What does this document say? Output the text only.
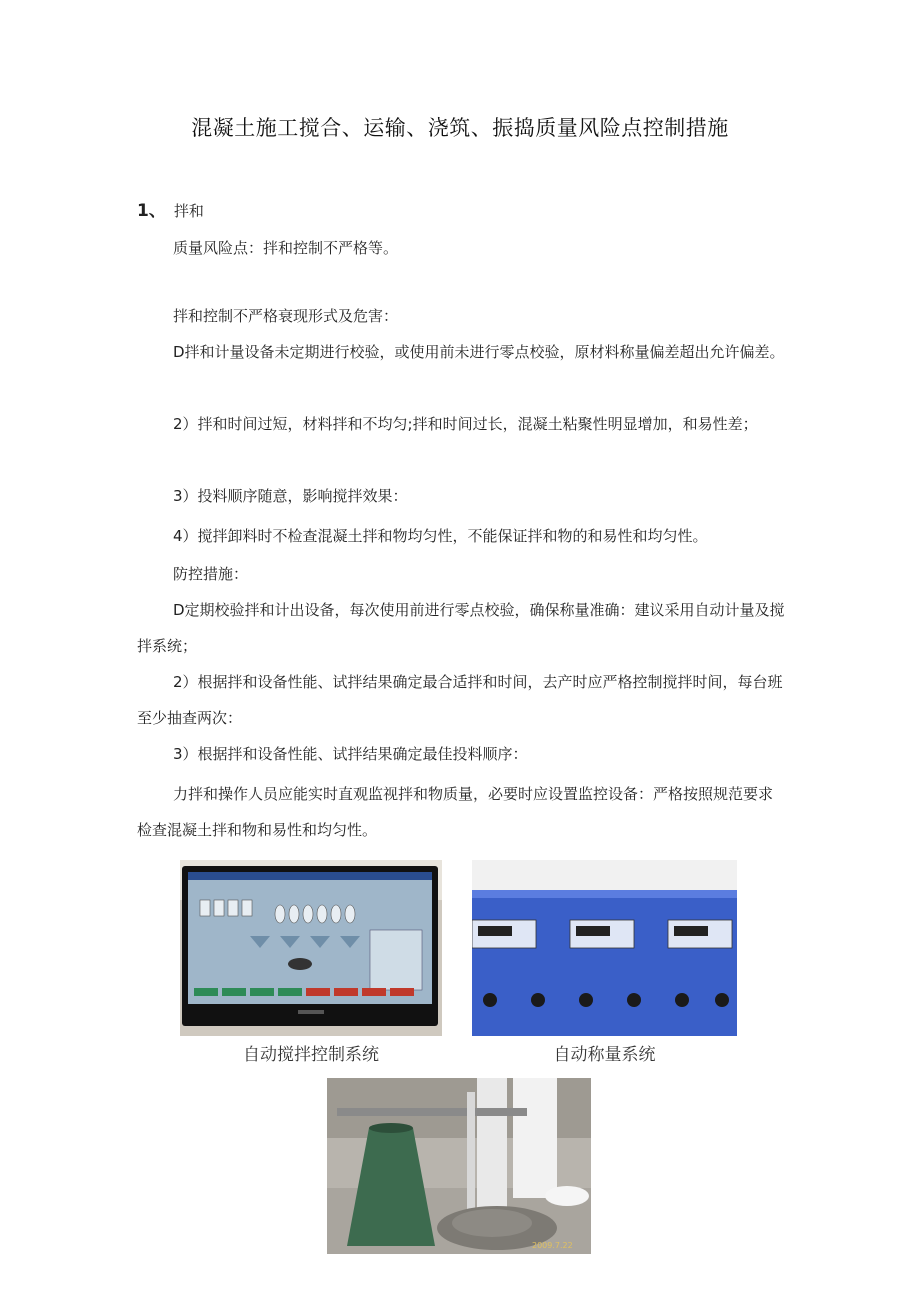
混凝土施工搅合、运输、浇筑、振捣质量风险点控制措施
1、 拌和
质量风险点：拌和控制不严格等。
拌和控制不严格衰现形式及危害：
D拌和计量设备未定期进行校验，或使用前未进行零点校验，原材料称量偏差超出允许偏差。
2）拌和时间过短，材料拌和不均匀;拌和时间过长，混凝土粘聚性明显增加，和易性差；
3）投料顺序随意，影响搅拌效果：
4）搅拌卸料时不检查混凝土拌和物均匀性，不能保证拌和物的和易性和均匀性。
防控措施：
D定期校验拌和计出设备，每次使用前进行零点校验，确保称量准确：建议采用自动计量及搅拌系统；
2）根据拌和设备性能、试拌结果确定最合适拌和时间，去产时应严格控制搅拌时间，每台班至少抽查两次：
3）根据拌和设备性能、试拌结果确定最佳投料顺序：
力拌和操作人员应能实时直观监视拌和物质量，必要时应设置监控设备：严格按照规范要求检查混凝土拌和物和易性和均匀性。
自动搅拌控制系统	自动称量系统
2009.7.22
